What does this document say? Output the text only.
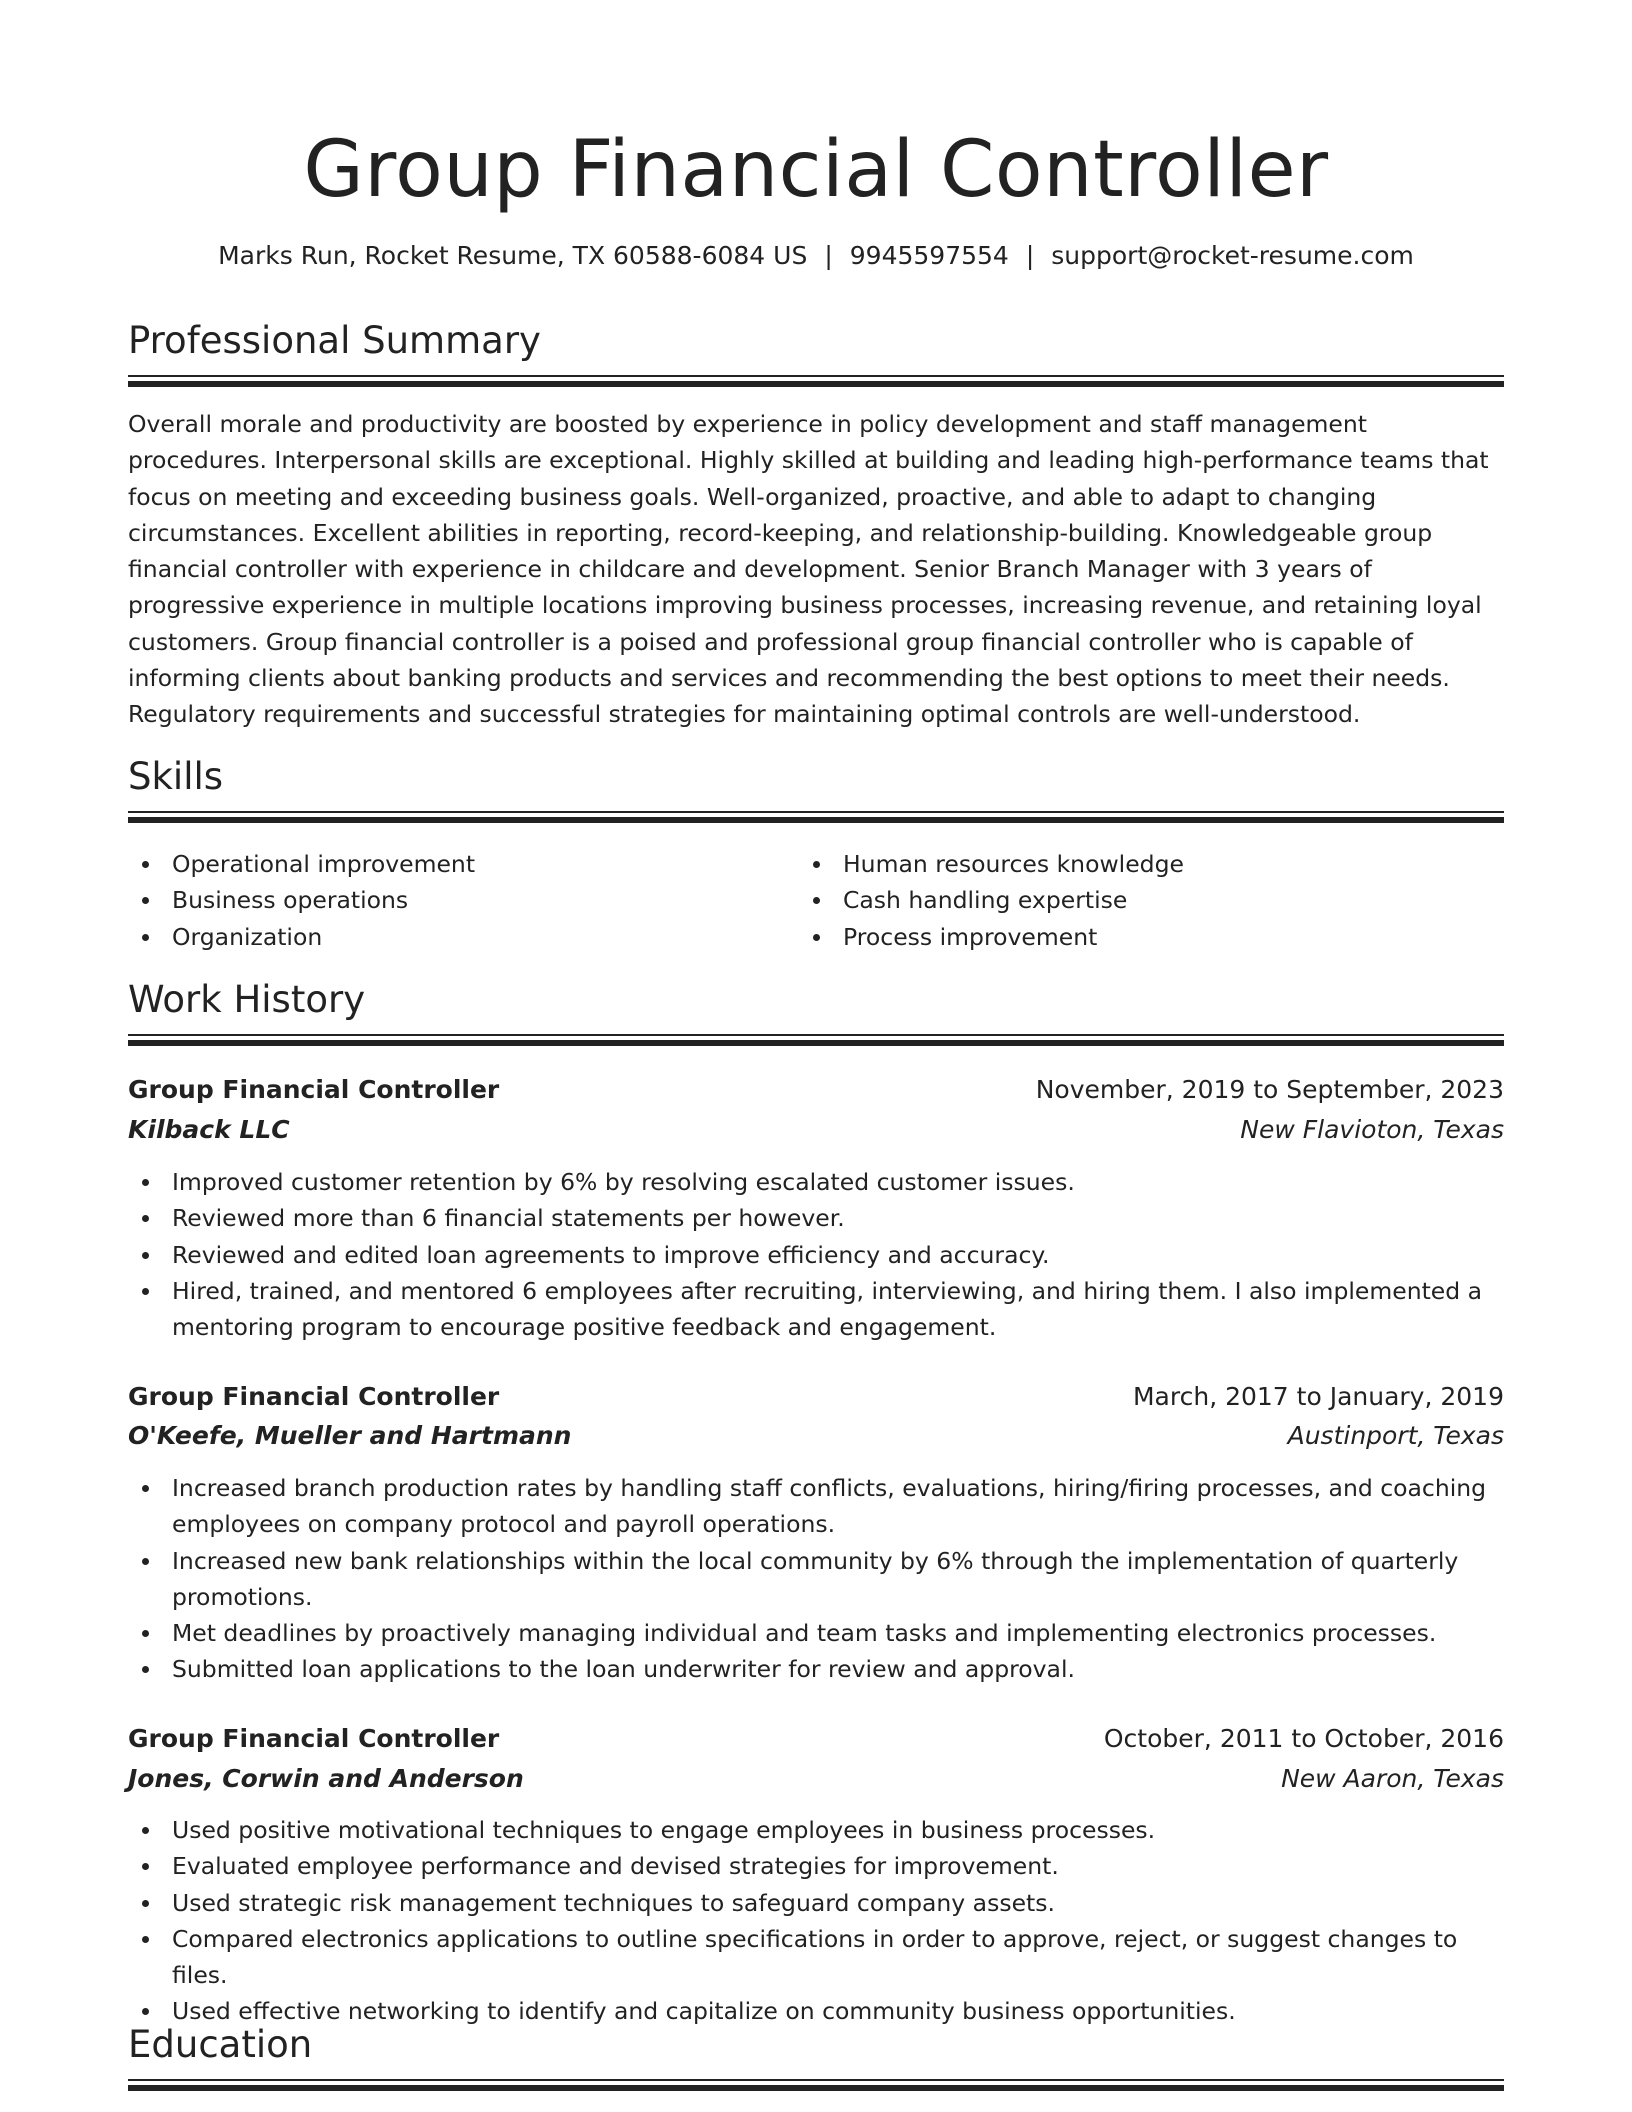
Group Financial Controller
Marks Run, Rocket Resume, TX 60588-6084 US | 9945597554 | support@rocket-resume.com
Professional Summary

Overall morale and productivity are boosted by experience in policy development and staff management procedures. Interpersonal skills are exceptional. Highly skilled at building and leading high-performance teams that focus on meeting and exceeding business goals. Well-organized, proactive, and able to adapt to changing circumstances. Excellent abilities in reporting, record-keeping, and relationship-building. Knowledgeable group financial controller with experience in childcare and development. Senior Branch Manager with 3 years of progressive experience in multiple locations improving business processes, increasing revenue, and retaining loyal customers. Group financial controller is a poised and professional group financial controller who is capable of informing clients about banking products and services and recommending the best options to meet their needs. Regulatory requirements and successful strategies for maintaining optimal controls are well-understood.

Skills
Operational improvement
Business operations
Organization
Human resources knowledge
Cash handling expertise
Process improvement
Work History
Group Financial Controller	November, 2019 to September, 2023
Kilback LLC	New Flavioton, Texas
Improved customer retention by 6% by resolving escalated customer issues.
Reviewed more than 6 financial statements per however.
Reviewed and edited loan agreements to improve efficiency and accuracy.
Hired, trained, and mentored 6 employees after recruiting, interviewing, and hiring them. I also implemented a mentoring program to encourage positive feedback and engagement.
Group Financial Controller	March, 2017 to January, 2019
O'Keefe, Mueller and Hartmann	Austinport, Texas
Increased branch production rates by handling staff conflicts, evaluations, hiring/firing processes, and coaching employees on company protocol and payroll operations.
Increased new bank relationships within the local community by 6% through the implementation of quarterly promotions.
Met deadlines by proactively managing individual and team tasks and implementing electronics processes.
Submitted loan applications to the loan underwriter for review and approval.
Group Financial Controller	October, 2011 to October, 2016
Jones, Corwin and Anderson	New Aaron, Texas
Used positive motivational techniques to engage employees in business processes.
Evaluated employee performance and devised strategies for improvement.
Used strategic risk management techniques to safeguard company assets.
Compared electronics applications to outline specifications in order to approve, reject, or suggest changes to files.
Used effective networking to identify and capitalize on community business opportunities.
Education
